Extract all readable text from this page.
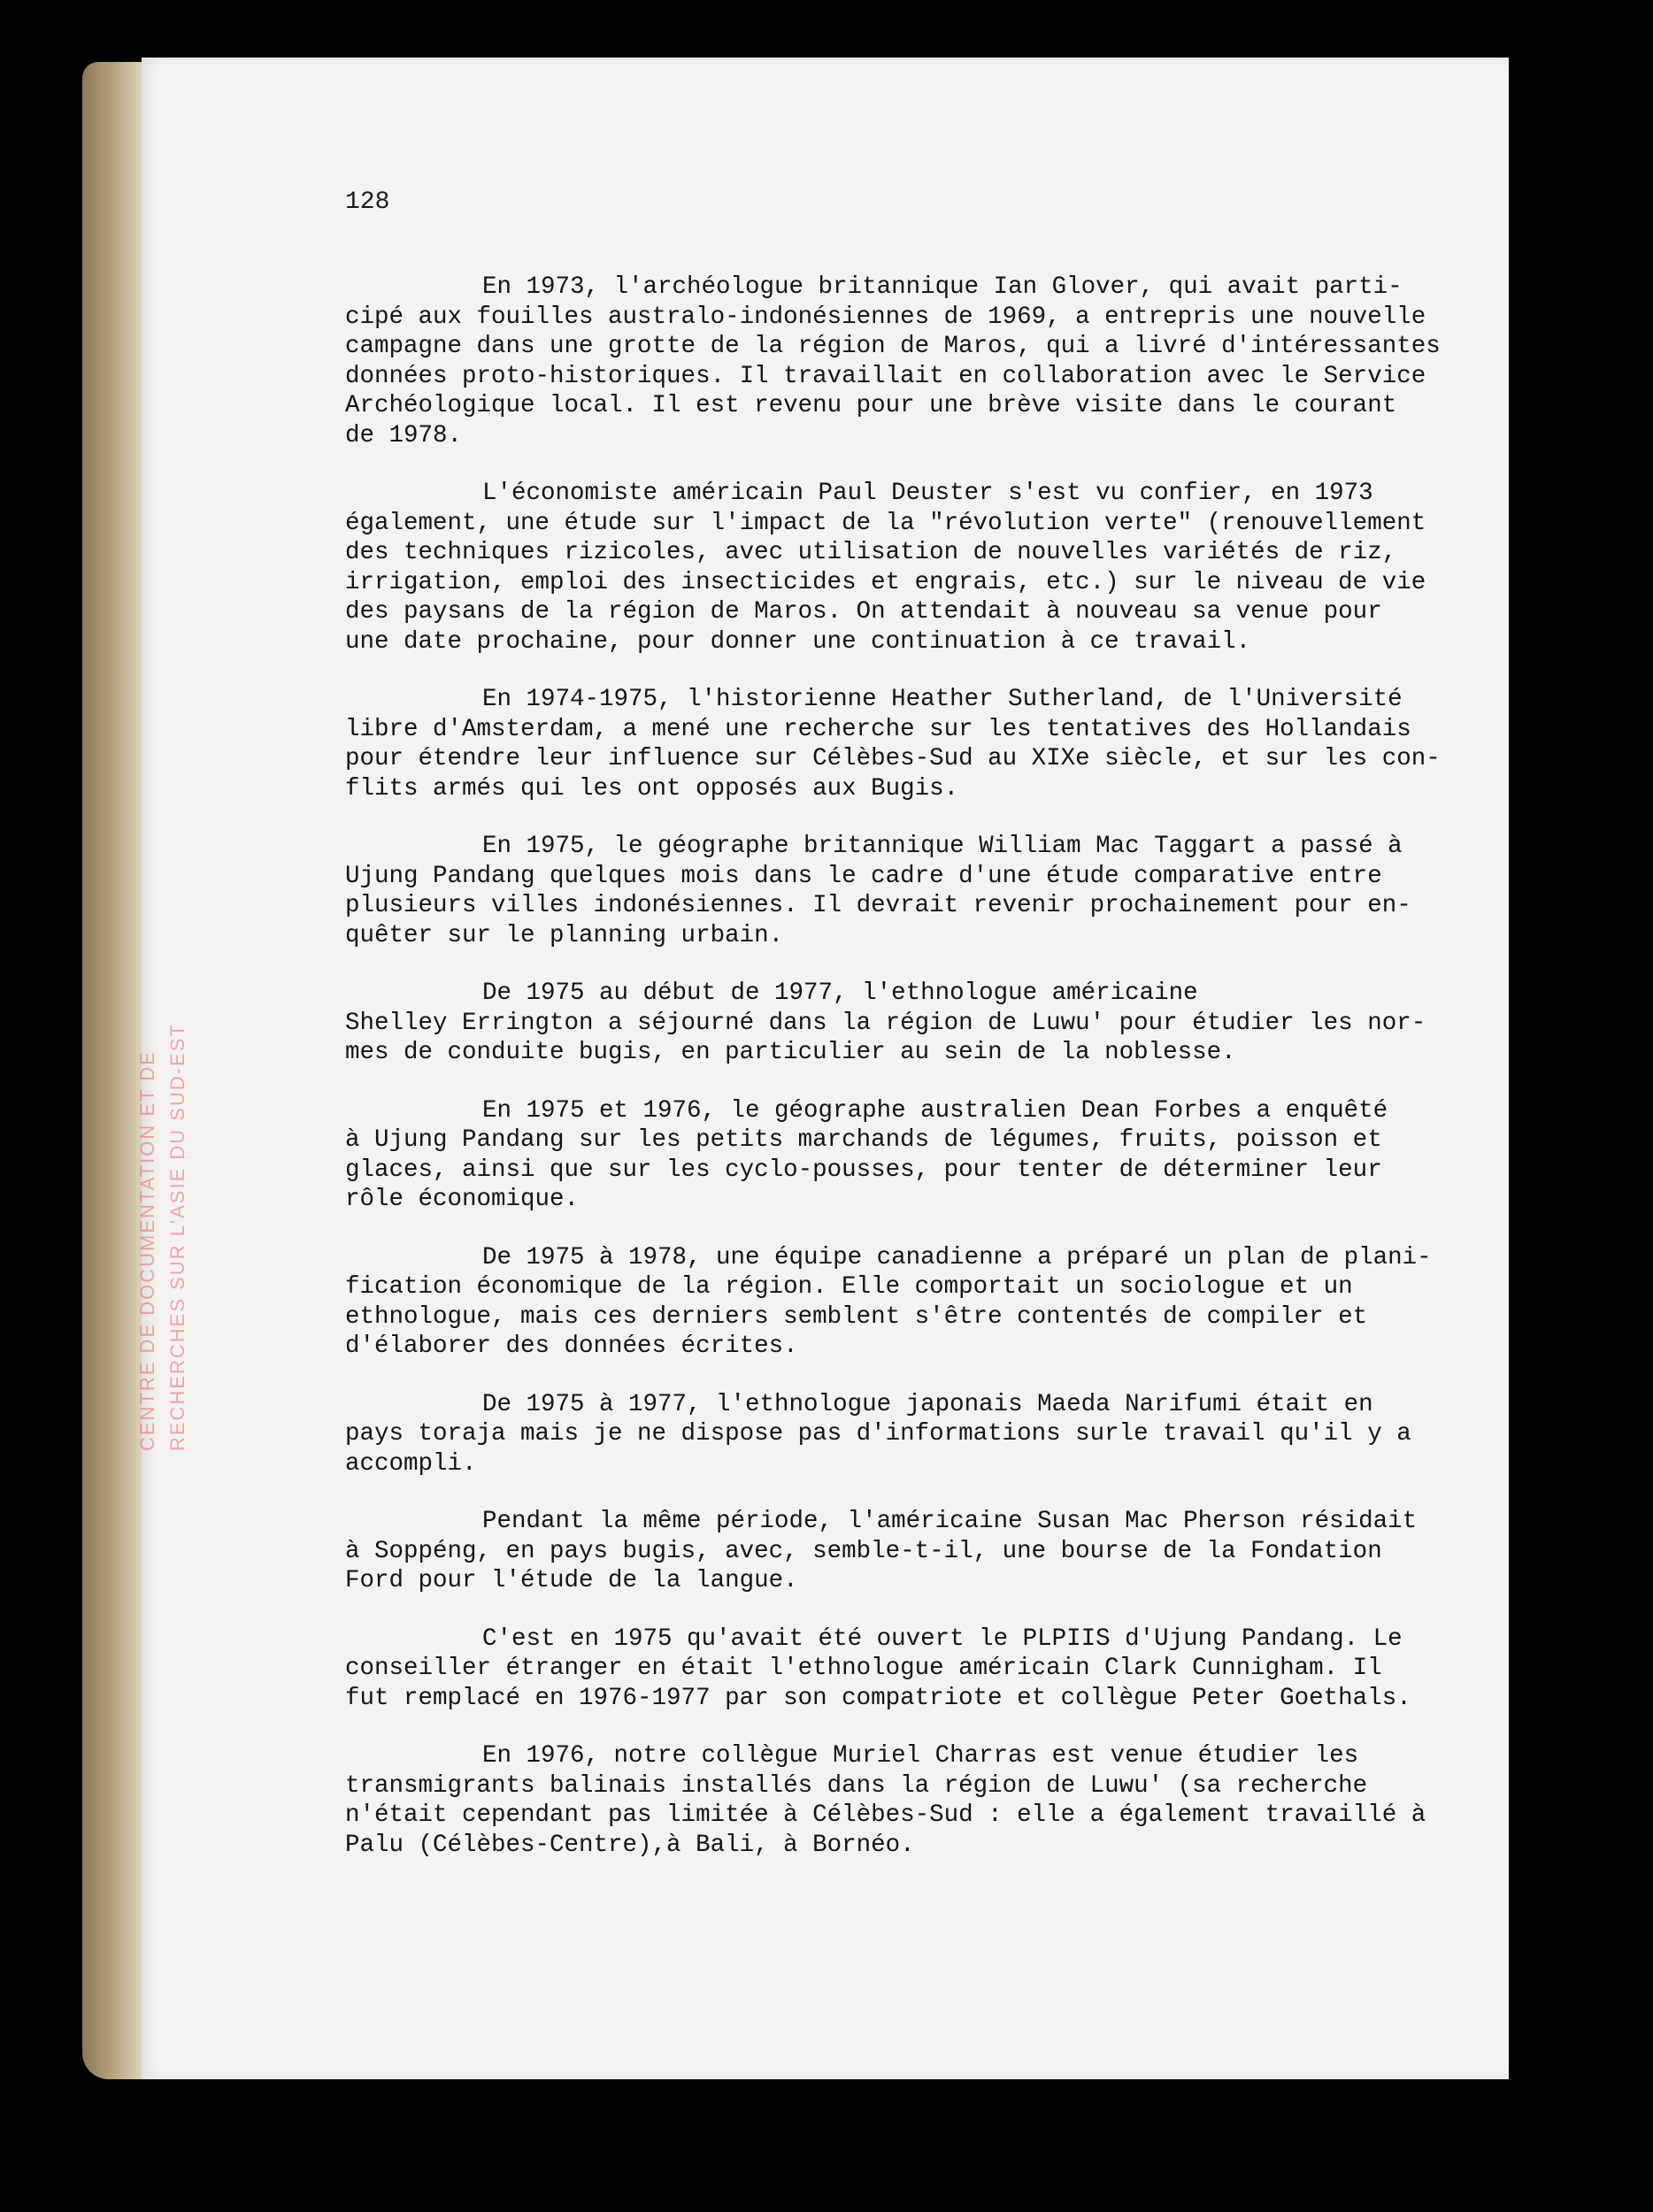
CENTRE DE DOCUMENTATION ET DE RECHERCHES SUR L'ASIE DU SUD-EST
128

En 1973, l'archéologue britannique Ian Glover, qui avait parti-
cipé aux fouilles australo-indonésiennes de 1969, a entrepris une nouvelle
campagne dans une grotte de la région de Maros, qui a livré d'intéressantes
données proto-historiques. Il travaillait en collaboration avec le Service
Archéologique local. Il est revenu pour une brève visite dans le courant
de 1978.

L'économiste américain Paul Deuster s'est vu confier, en 1973
également, une étude sur l'impact de la "révolution verte" (renouvellement
des techniques rizicoles, avec utilisation de nouvelles variétés de riz,
irrigation, emploi des insecticides et engrais, etc.) sur le niveau de vie
des paysans de la région de Maros. On attendait à nouveau sa venue pour
une date prochaine, pour donner une continuation à ce travail.

En 1974-1975, l'historienne Heather Sutherland, de l'Université
libre d'Amsterdam, a mené une recherche sur les tentatives des Hollandais
pour étendre leur influence sur Célèbes-Sud au XIXe siècle, et sur les con-
flits armés qui les ont opposés aux Bugis.

En 1975, le géographe britannique William Mac Taggart a passé à
Ujung Pandang quelques mois dans le cadre d'une étude comparative entre
plusieurs villes indonésiennes. Il devrait revenir prochainement pour en-
quêter sur le planning urbain.

De 1975 au début de 1977, l'ethnologue américaine
Shelley Errington a séjourné dans la région de Luwu' pour étudier les nor-
mes de conduite bugis, en particulier au sein de la noblesse.

En 1975 et 1976, le géographe australien Dean Forbes a enquêté
à Ujung Pandang sur les petits marchands de légumes, fruits, poisson et
glaces, ainsi que sur les cyclo-pousses, pour tenter de déterminer leur
rôle économique.

De 1975 à 1978, une équipe canadienne a préparé un plan de plani-
fication économique de la région. Elle comportait un sociologue et un
ethnologue, mais ces derniers semblent s'être contentés de compiler et
d'élaborer des données écrites.

De 1975 à 1977, l'ethnologue japonais Maeda Narifumi était en
pays toraja mais je ne dispose pas d'informations surle travail qu'il y a
accompli.

Pendant la même période, l'américaine Susan Mac Pherson résidait
à Soppéng, en pays bugis, avec, semble-t-il, une bourse de la Fondation
Ford pour l'étude de la langue.

C'est en 1975 qu'avait été ouvert le PLPIIS d'Ujung Pandang. Le
conseiller étranger en était l'ethnologue américain Clark Cunnigham. Il
fut remplacé en 1976-1977 par son compatriote et collègue Peter Goethals.

En 1976, notre collègue Muriel Charras est venue étudier les
transmigrants balinais installés dans la région de Luwu' (sa recherche
n'était cependant pas limitée à Célèbes-Sud : elle a également travaillé à
Palu (Célèbes-Centre),à Bali, à Bornéo.
